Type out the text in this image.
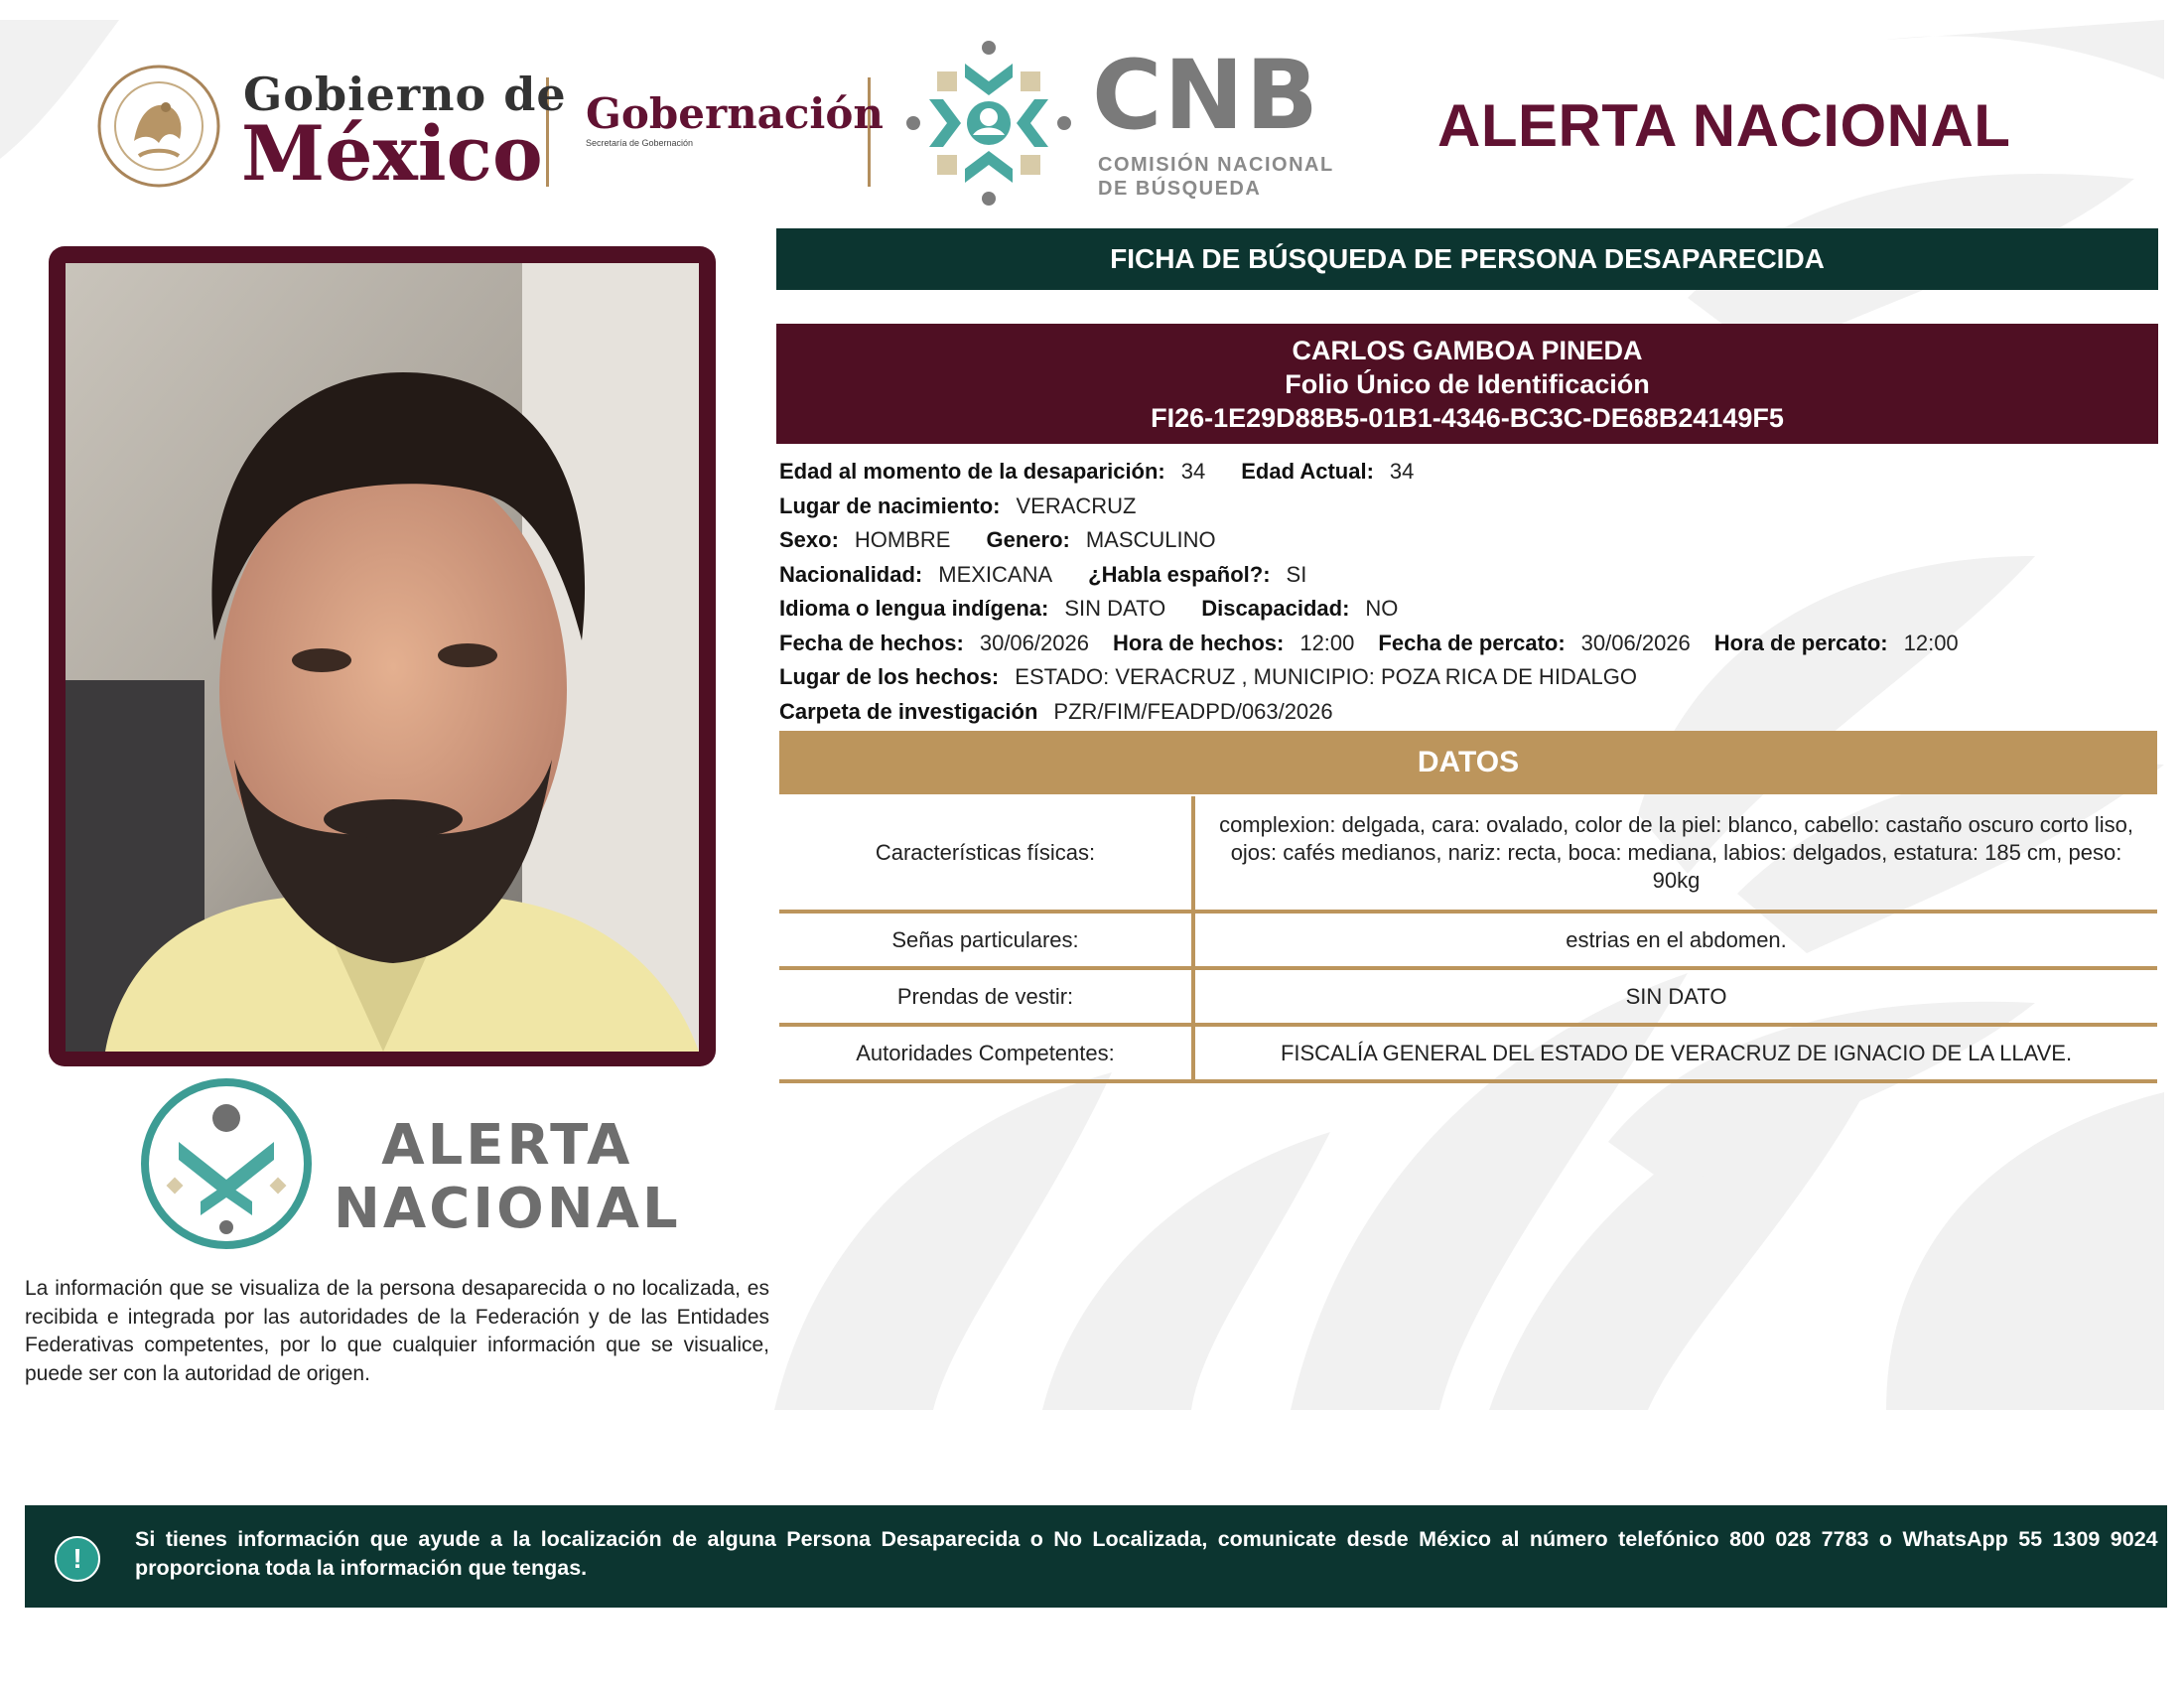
Gobierno de
México Gobernación
Secretaría de Gobernación	CNB
COMISIÓN NACIONAL
DE BÚSQUEDA
ALERTA NACIONAL
FICHA DE BÚSQUEDA DE PERSONA DESAPARECIDA
CARLOS GAMBOA PINEDA
Folio Único de Identificación
FI26-1E29D88B5-01B1-4346-BC3C-DE68B24149F5
Edad al momento de la desaparición: 34 Edad Actual: 34
Lugar de nacimiento: VERACRUZ
Sexo: HOMBRE Genero: MASCULINO
Nacionalidad: MEXICANA ¿Habla español?: SI
Idioma o lengua indígena: SIN DATO Discapacidad: NO
Fecha de hechos: 30/06/2026 Hora de hechos: 12:00 Fecha de percato: 30/06/2026 Hora de percato: 12:00
Lugar de los hechos: ESTADO: VERACRUZ , MUNICIPIO: POZA RICA DE HIDALGO
Carpeta de investigación PZR/FIM/FEADPD/063/2026
DATOS
Características físicas:	complexion: delgada, cara: ovalado, color de la piel: blanco, cabello: castaño oscuro corto liso, ojos: cafés medianos, nariz: recta, boca: mediana, labios: delgados, estatura: 185 cm, peso: 90kg
Señas particulares:	estrias en el abdomen.
Prendas de vestir:	SIN DATO
Autoridades Competentes:	FISCALÍA GENERAL DEL ESTADO DE VERACRUZ DE IGNACIO DE LA LLAVE.
ALERTA
NACIONAL
La información que se visualiza de la persona desaparecida o no localizada, es recibida e integrada por las autoridades de la Federación y de las Entidades Federativas competentes, por lo que cualquier información que se visualice, puede ser con la autoridad de origen.
!
Si tienes información que ayude a la localización de alguna Persona Desaparecida o No Localizada, comunicate desde México al número telefónico 800 028 7783 o WhatsApp 55 1309 9024 y proporciona toda la información que tengas.
